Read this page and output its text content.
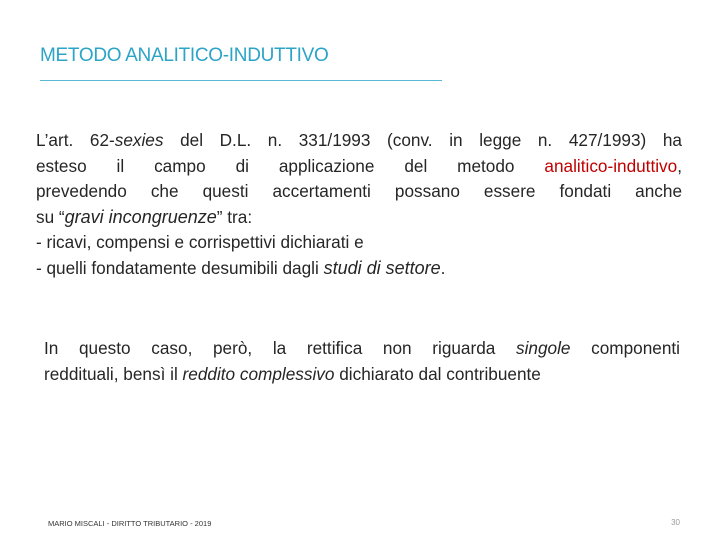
METODO ANALITICO-INDUTTIVO
L’art. 62-sexies del D.L. n. 331/1993 (conv. in legge n. 427/1993) ha
esteso il campo di applicazione del metodo analitico-induttivo,
prevedendo che questi accertamenti possano essere fondati anche
su “gravi incongruenze” tra:
- ricavi, compensi e corrispettivi dichiarati e
- quelli fondatamente desumibili dagli studi di settore.
In questo caso, però, la rettifica non riguarda singole componenti
reddituali, bensì il reddito complessivo dichiarato dal contribuente
MARIO MISCALI - DIRITTO TRIBUTARIO - 2019	30
